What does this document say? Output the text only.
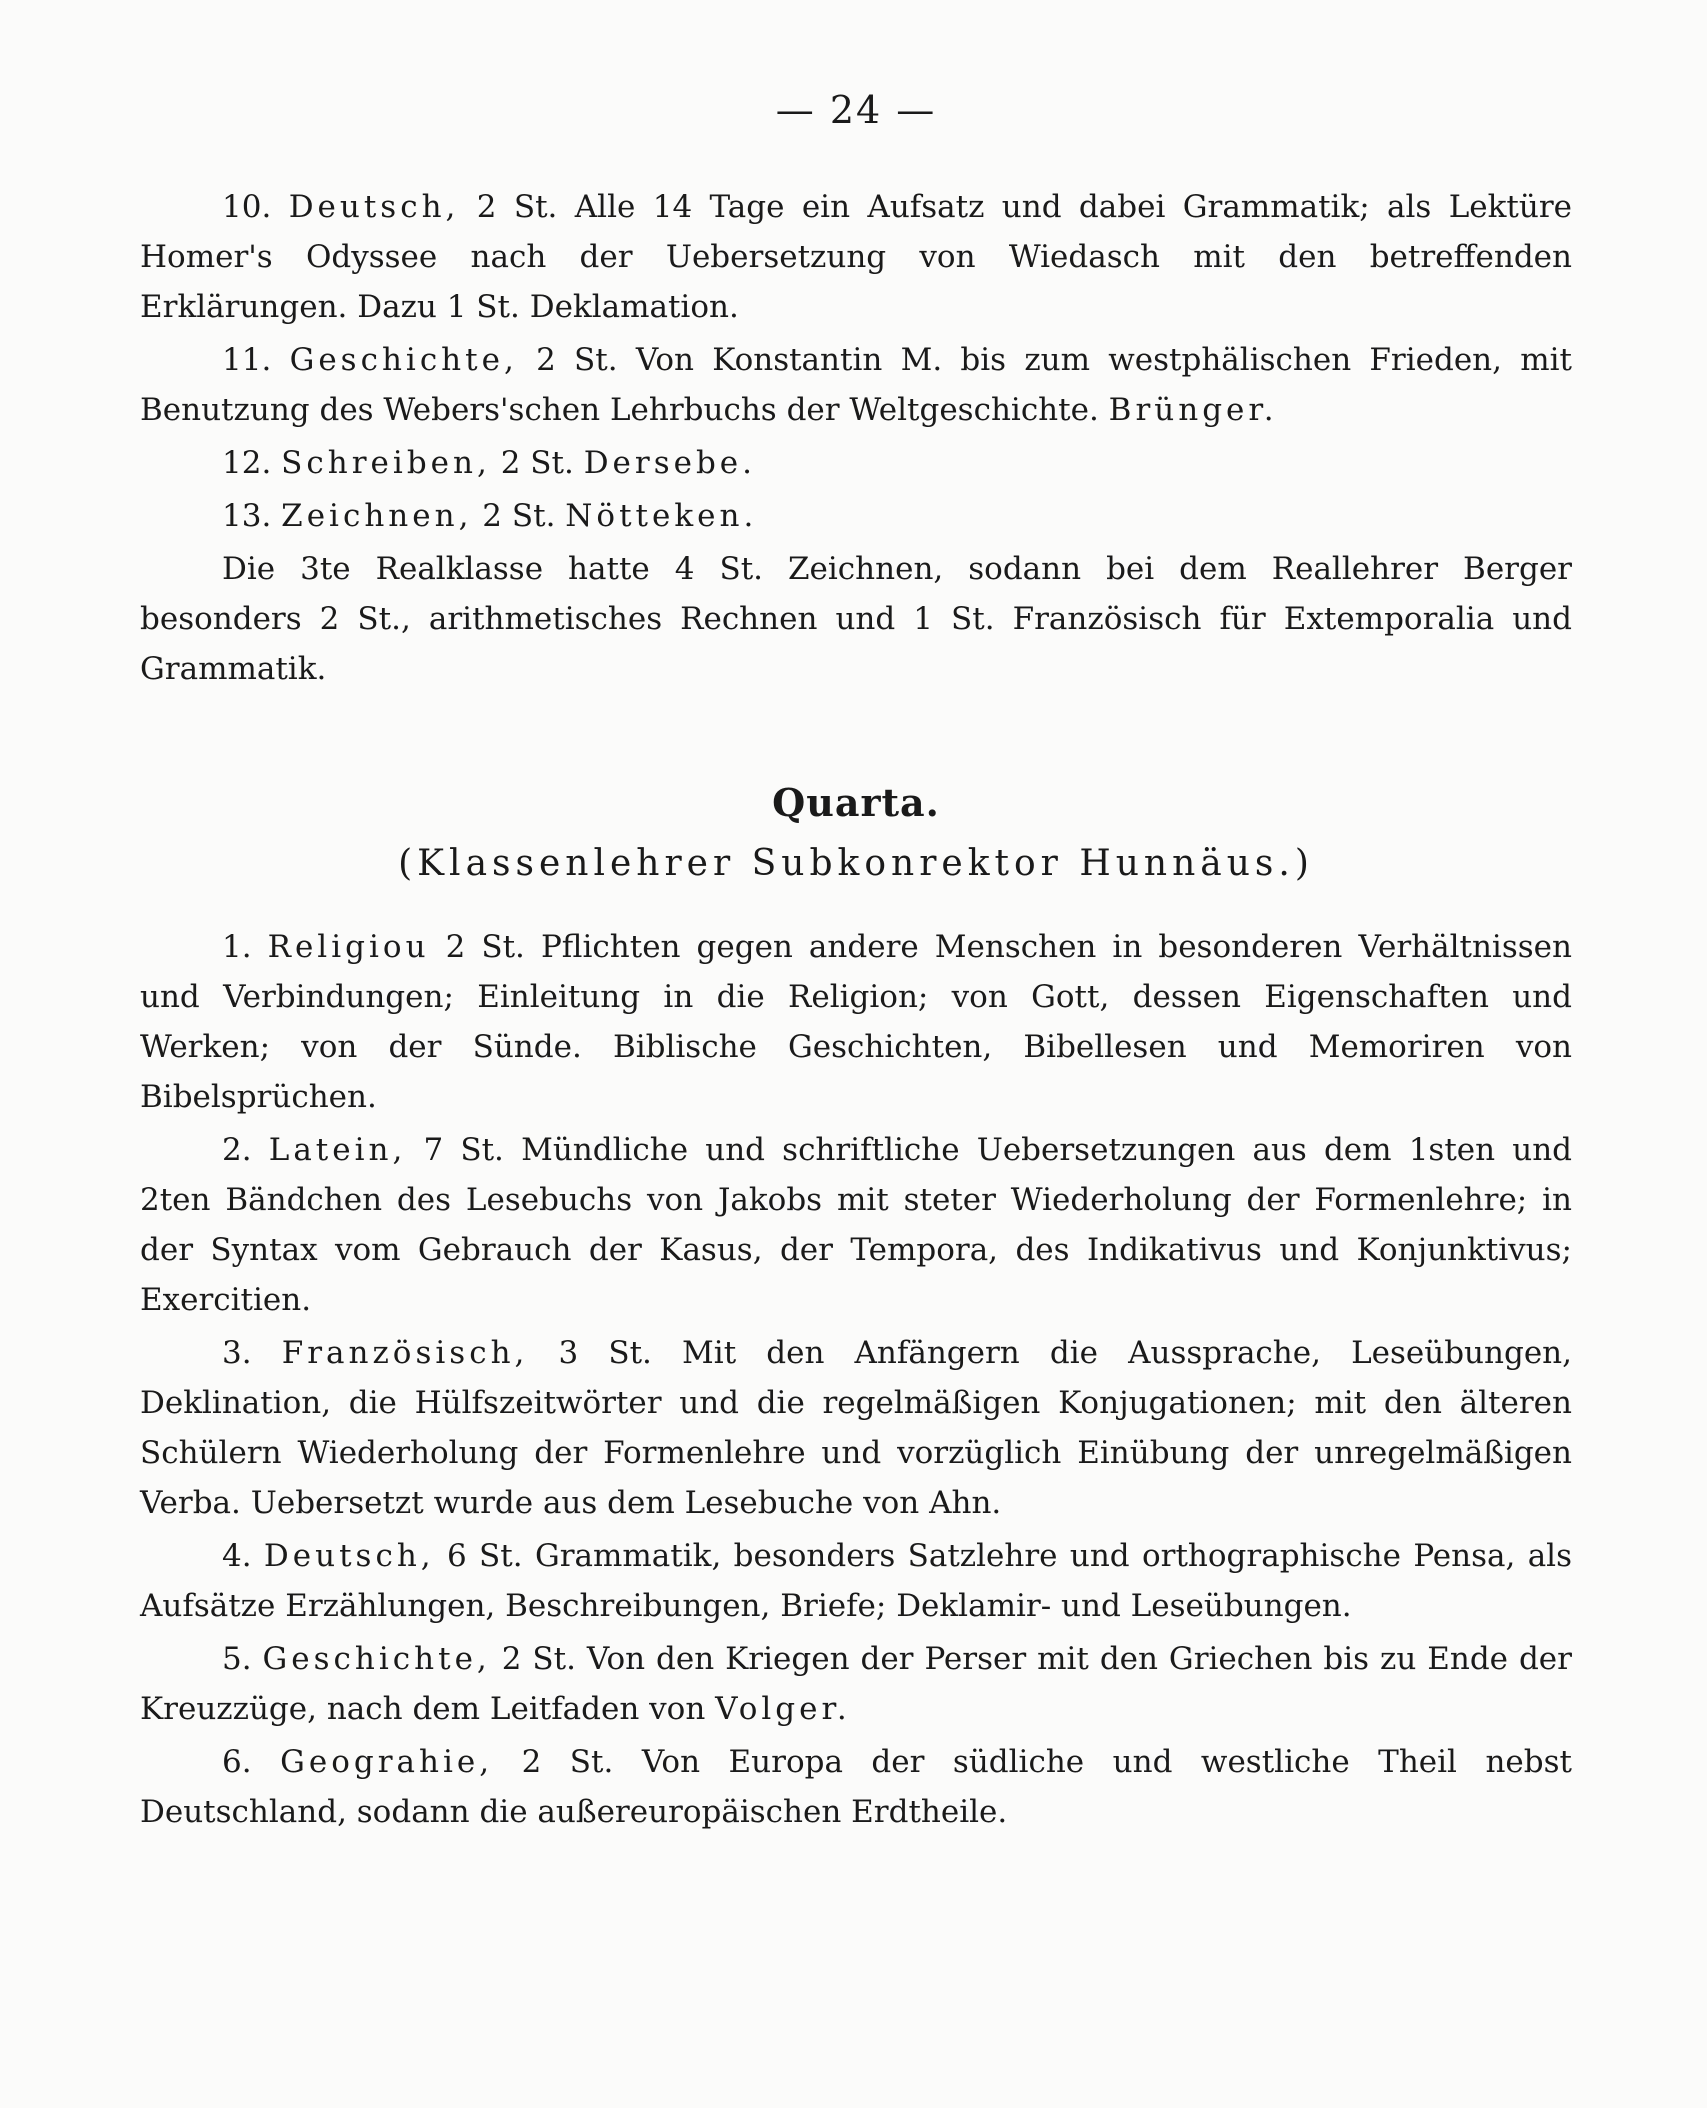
— 24 —

10. Deutsch, 2 St. Alle 14 Tage ein Aufsatz und dabei Grammatik; als Lektüre Homer's Odyssee nach der Uebersetzung von Wiedasch mit den betreffenden Erklärungen. Dazu 1 St. Deklamation.

11. Geschichte, 2 St. Von Konstantin M. bis zum westphälischen Frieden, mit Benutzung des Webers'schen Lehrbuchs der Weltgeschichte. Brünger.

12. Schreiben, 2 St. Dersebe.

13. Zeichnen, 2 St. Nötteken.

Die 3te Realklasse hatte 4 St. Zeichnen, sodann bei dem Reallehrer Berger besonders 2 St., arithmetisches Rechnen und 1 St. Französisch für Extemporalia und Grammatik.

Quarta.
(Klassenlehrer Subkonrektor Hunnäus.)

1. Religiou 2 St. Pflichten gegen andere Menschen in besonderen Verhältnissen und Verbindungen; Einleitung in die Religion; von Gott, dessen Eigenschaften und Werken; von der Sünde. Biblische Geschichten, Bibellesen und Memoriren von Bibelsprüchen.

2. Latein, 7 St. Mündliche und schriftliche Uebersetzungen aus dem 1sten und 2ten Bändchen des Lesebuchs von Jakobs mit steter Wiederholung der Formenlehre; in der Syntax vom Gebrauch der Kasus, der Tempora, des Indikativus und Konjunktivus; Exercitien.

3. Französisch, 3 St. Mit den Anfängern die Aussprache, Leseübungen, Deklination, die Hülfszeitwörter und die regelmäßigen Konjugationen; mit den älteren Schülern Wiederholung der Formenlehre und vorzüglich Einübung der unregelmäßigen Verba. Uebersetzt wurde aus dem Lesebuche von Ahn.

4. Deutsch, 6 St. Grammatik, besonders Satzlehre und orthographische Pensa, als Aufsätze Erzählungen, Beschreibungen, Briefe; Deklamir- und Leseübungen.

5. Geschichte, 2 St. Von den Kriegen der Perser mit den Griechen bis zu Ende der Kreuzzüge, nach dem Leitfaden von Volger.

6. Geograhie, 2 St. Von Europa der südliche und westliche Theil nebst Deutschland, sodann die außereuropäischen Erdtheile.
